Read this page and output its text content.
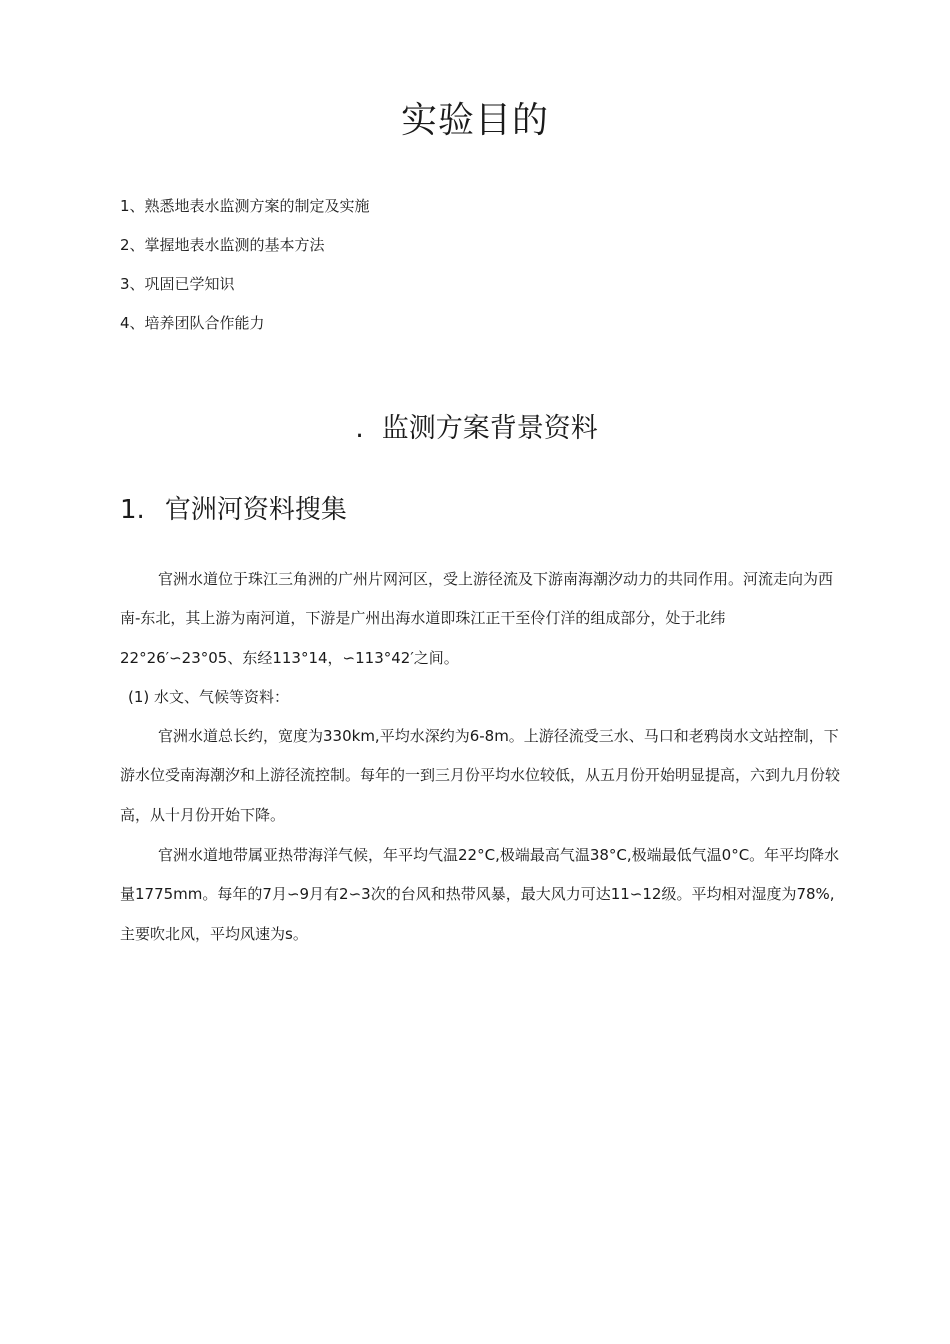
实验目的
1、熟悉地表水监测方案的制定及实施
2、掌握地表水监测的基本方法
3、巩固已学知识
4、培养团队合作能力
. 监测方案背景资料
1. 官洲河资料搜集

官洲水道位于珠江三角洲的广州片网河区，受上游径流及下游南海潮汐动力的共同作用。河流走向为西南-东北，其上游为南河道，下游是广州出海水道即珠江正干至伶仃洋的组成部分，处于北纬22°26′∽23°05、东经113°14，∽113°42′之间。

(1) 水文、气候等资料：

官洲水道总长约，宽度为330km,平均水深约为6-8m。上游径流受三水、马口和老鸦岗水文站控制，下游水位受南海潮汐和上游径流控制。每年的一到三月份平均水位较低，从五月份开始明显提高，六到九月份较高，从十月份开始下降。

官洲水道地带属亚热带海洋气候，年平均气温22°C,极端最高气温38°C,极端最低气温0°C。年平均降水量1775mm。每年的7月∽9月有2∽3次的台风和热带风暴，最大风力可达11∽12级。平均相对湿度为78%, 主要吹北风，平均风速为s。
